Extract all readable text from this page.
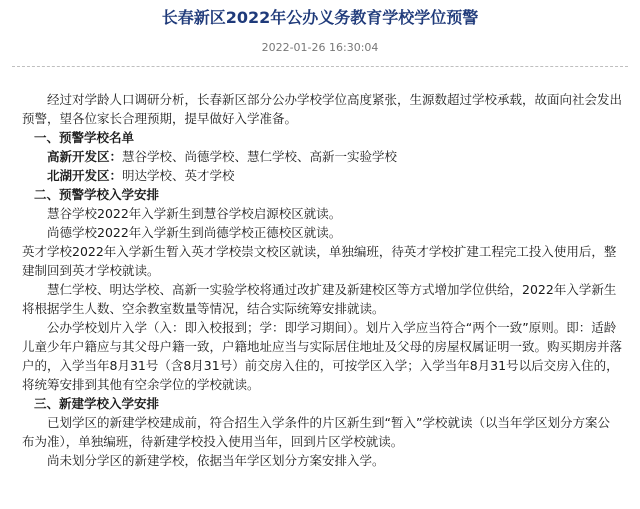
长春新区2022年公办义务教育学校学位预警
2022-01-26 16:30:04

经过对学龄人口调研分析，长春新区部分公办学校学位高度紧张，生源数超过学校承载，故面向社会发出预警，望各位家长合理预期，提早做好入学准备。

一、预警学校名单

高新开发区：慧谷学校、尚德学校、慧仁学校、高新一实验学校

北湖开发区：明达学校、英才学校

二、预警学校入学安排

慧谷学校2022年入学新生到慧谷学校启源校区就读。

尚德学校2022年入学新生到尚德学校正德校区就读。

英才学校2022年入学新生暂入英才学校崇文校区就读，单独编班，待英才学校扩建工程完工投入使用后，整建制回到英才学校就读。

慧仁学校、明达学校、高新一实验学校将通过改扩建及新建校区等方式增加学位供给，2022年入学新生将根据学生人数、空余教室数量等情况，结合实际统筹安排就读。

公办学校划片入学（入：即入校报到；学：即学习期间）。划片入学应当符合“两个一致”原则。即：适龄儿童少年户籍应与其父母户籍一致，户籍地址应当与实际居住地址及父母的房屋权属证明一致。购买期房并落户的，入学当年8月31号（含8月31号）前交房入住的，可按学区入学；入学当年8月31号以后交房入住的，将统筹安排到其他有空余学位的学校就读。

三、新建学校入学安排

已划学区的新建学校建成前，符合招生入学条件的片区新生到“暂入”学校就读（以当年学区划分方案公布为准），单独编班，待新建学校投入使用当年，回到片区学校就读。

尚未划分学区的新建学校，依据当年学区划分方案安排入学。
